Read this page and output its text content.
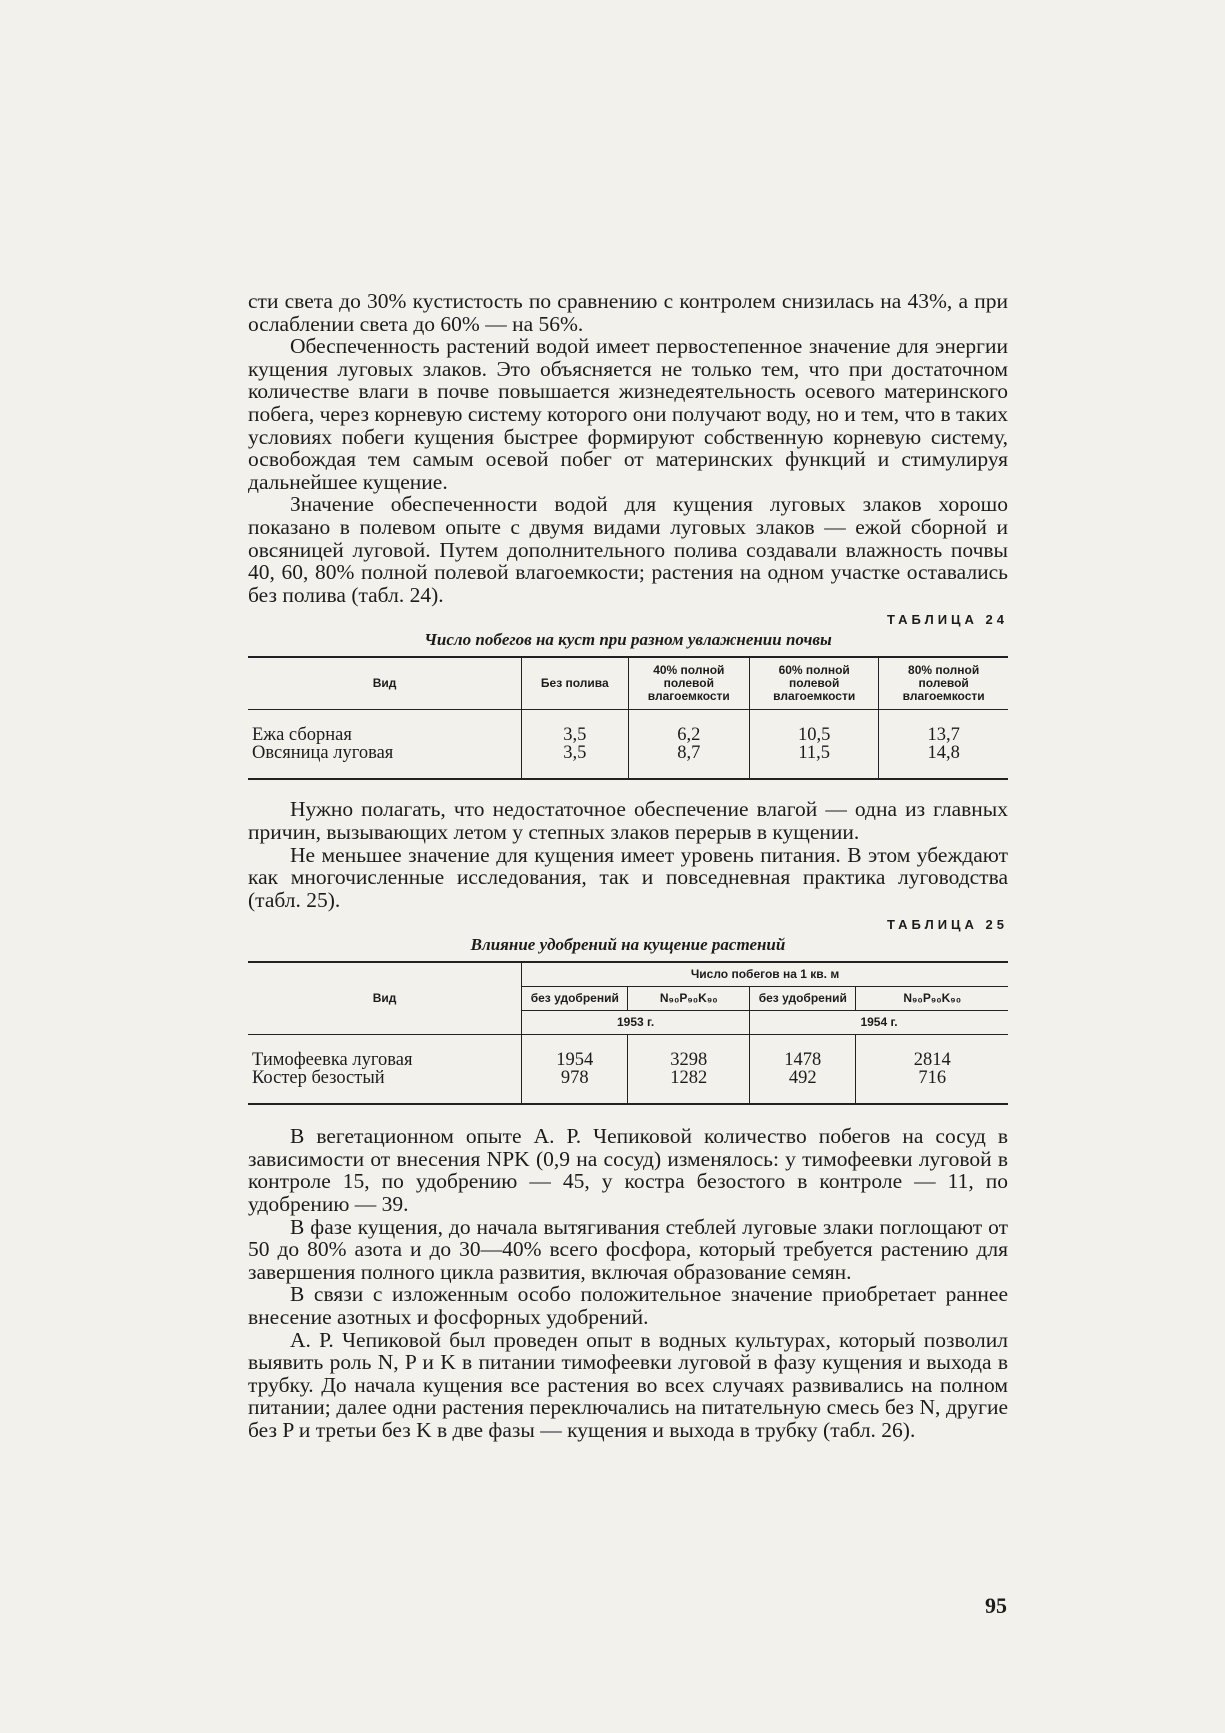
сти света до 30% кустистость по сравнению с контролем снизилась на 43%, а при ослаблении света до 60% — на 56%.

Обеспеченность растений водой имеет первостепенное значение для энергии кущения луговых злаков. Это объясняется не только тем, что при достаточном количестве влаги в почве повышается жизнедеятельность осевого материнского побега, через корневую систему которого они получают воду, но и тем, что в таких условиях побеги кущения быстрее формируют собственную корневую систему, освобождая тем самым осевой побег от материнских функций и стимулируя дальнейшее кущение.

Значение обеспеченности водой для кущения луговых злаков хорошо показано в полевом опыте с двумя видами луговых злаков — ежой сборной и овсяницей луговой. Путем дополнительного полива создавали влажность почвы 40, 60, 80% полной полевой влагоемкости; растения на одном участке оставались без полива (табл. 24).

ТАБЛИЦА 24
Число побегов на куст при разном увлажнении почвы
Вид	Без полива	40% полной полевой влагоемкости	60% полной полевой влагоемкости	80% полной полевой влагоемкости

Ежа сборная	3,5	6,2	10,5	13,7
Овсяница луговая	3,5	8,7	11,5	14,8

Нужно полагать, что недостаточное обеспечение влагой — одна из главных причин, вызывающих летом у степных злаков перерыв в кущении.

Не меньшее значение для кущения имеет уровень питания. В этом убеждают как многочисленные исследования, так и повседневная практика луговодства (табл. 25).

ТАБЛИЦА 25
Влияние удобрений на кущение растений
Вид	Число побегов на 1 кв. м			
	без удобрений	N₉₀P₉₀K₉₀	без удобрений	N₉₀P₉₀K₉₀
	1953 г.		1954 г.	

Тимофеевка луговая	1954	3298	1478	2814
Костер безостый	978	1282	492	716

В вегетационном опыте А. Р. Чепиковой количество побегов на сосуд в зависимости от внесения NPK (0,9 на сосуд) изменялось: у тимофеевки луговой в контроле 15, по удобрению — 45, у костра безостого в контроле — 11, по удобрению — 39.

В фазе кущения, до начала вытягивания стеблей луговые злаки поглощают от 50 до 80% азота и до 30—40% всего фосфора, который требуется растению для завершения полного цикла развития, включая образование семян.

В связи с изложенным особо положительное значение приобретает раннее внесение азотных и фосфорных удобрений.

А. Р. Чепиковой был проведен опыт в водных культурах, который позволил выявить роль N, P и K в питании тимофеевки луговой в фазу кущения и выхода в трубку. До начала кущения все растения во всех случаях развивались на полном питании; далее одни растения переключались на питательную смесь без N, другие без P и третьи без K в две фазы — кущения и выхода в трубку (табл. 26).

95
